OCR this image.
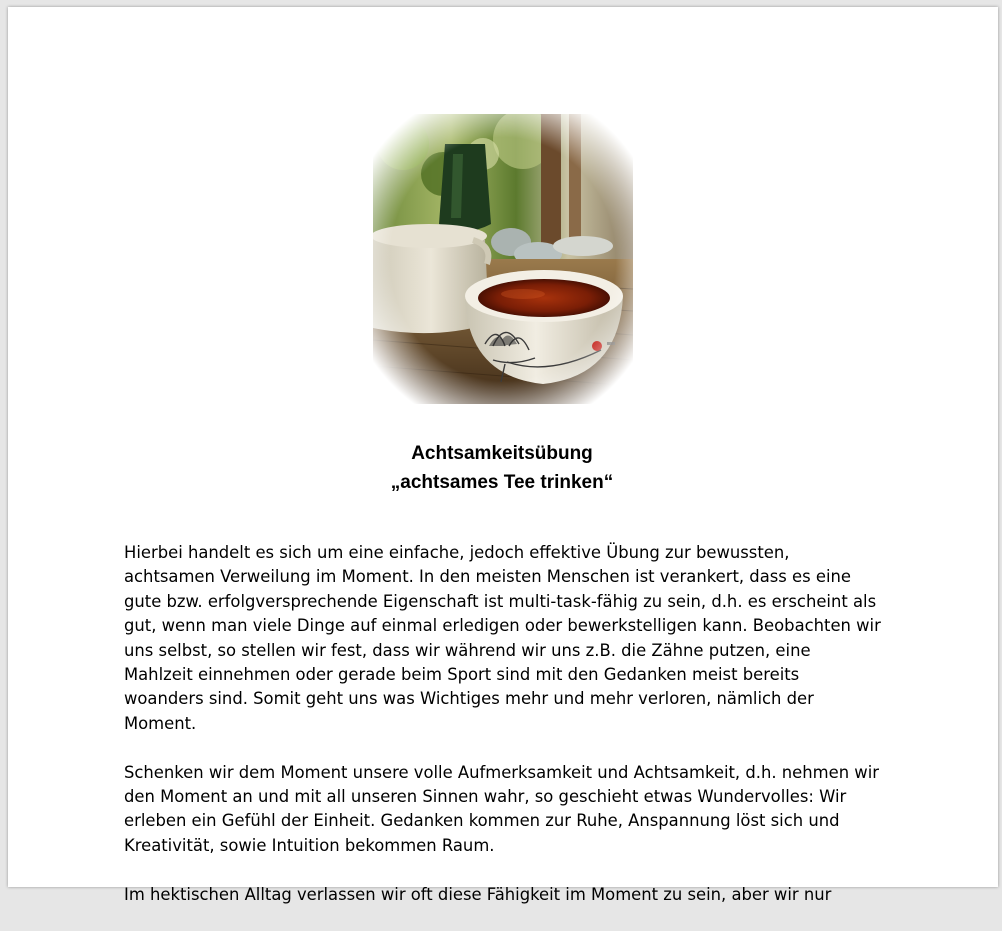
Achtsamkeitsübung
„achtsames Tee trinken“

Hierbei handelt es sich um eine einfache, jedoch effektive Übung zur bewussten, achtsamen Verweilung im Moment. In den meisten Menschen ist verankert, dass es eine gute bzw. erfolgversprechende Eigenschaft ist multi-task-fähig zu sein, d.h. es erscheint als gut, wenn man viele Dinge auf einmal erledigen oder bewerkstelligen kann. Beobachten wir uns selbst, so stellen wir fest, dass wir während wir uns z.B. die Zähne putzen, eine Mahlzeit einnehmen oder gerade beim Sport sind mit den Gedanken meist bereits woanders sind. Somit geht uns was Wichtiges mehr und mehr verloren, nämlich der Moment.

Schenken wir dem Moment unsere volle Aufmerksamkeit und Achtsamkeit, d.h. nehmen wir den Moment an und mit all unseren Sinnen wahr, so geschieht etwas Wundervolles: Wir erleben ein Gefühl der Einheit. Gedanken kommen zur Ruhe, Anspannung löst sich und Kreativität, sowie Intuition bekommen Raum.

Im hektischen Alltag verlassen wir oft diese Fähigkeit im Moment zu sein, aber wir nur
